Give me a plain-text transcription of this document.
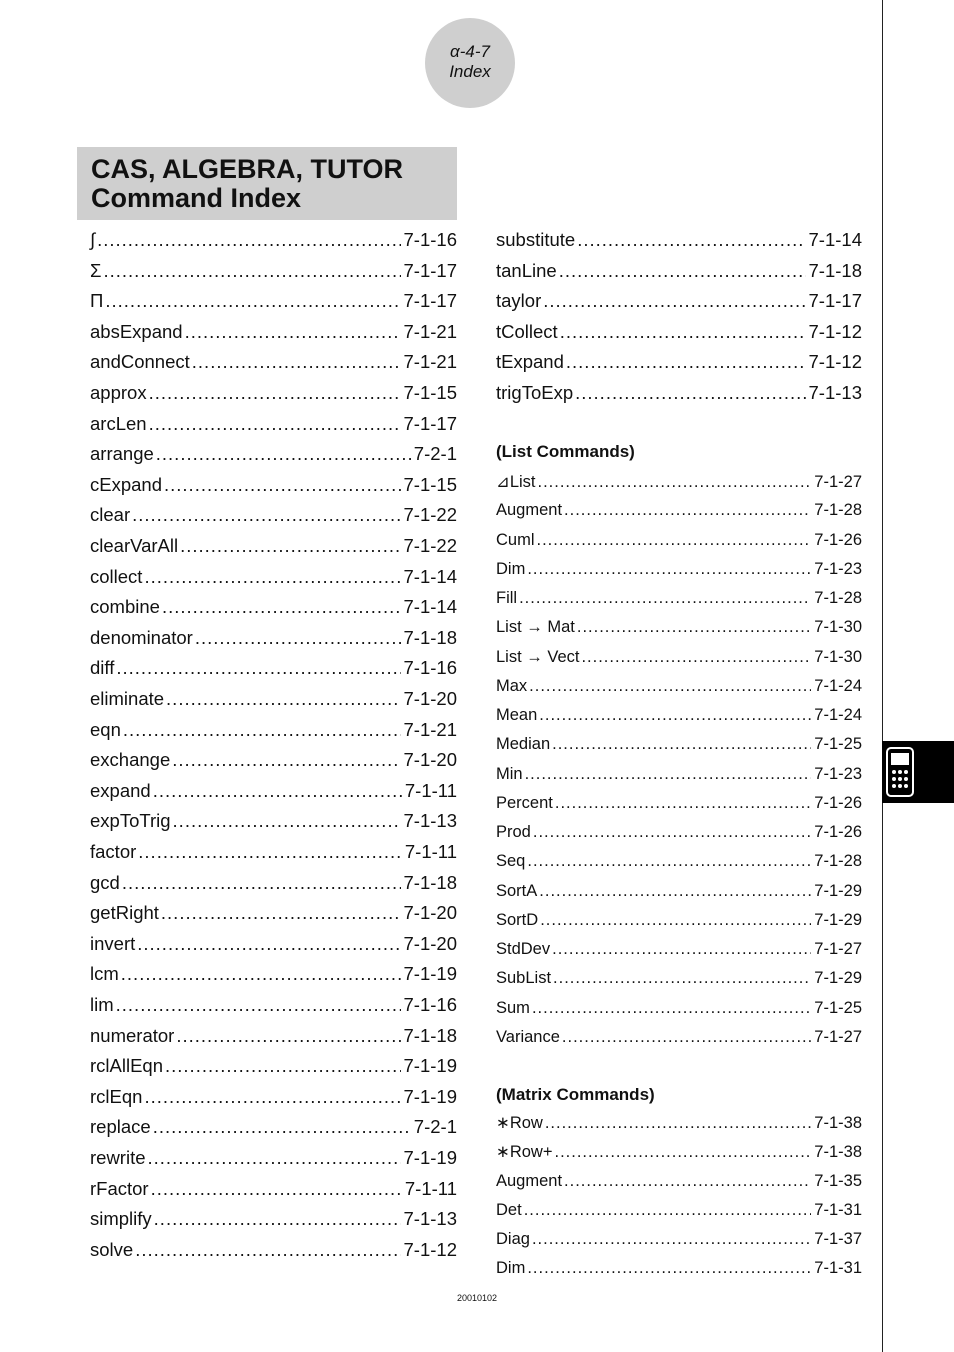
α-4-7
Index
CAS, ALGEBRA, TUTOR
Command Index
∫ .....	7-1-16
Σ .....	7-1-17
Π .....	7-1-17
absExpand .....	7-1-21
andConnect .....	7-1-21
approx .....	7-1-15
arcLen .....	7-1-17
arrange .....	7-2-1
cExpand .....	7-1-15
clear .....	7-1-22
clearVarAll .....	7-1-22
collect .....	7-1-14
combine .....	7-1-14
denominator .....	7-1-18
diff .....	7-1-16
eliminate .....	7-1-20
eqn .....	7-1-21
exchange .....	7-1-20
expand .....	7-1-11
expToTrig .....	7-1-13
factor .....	7-1-11
gcd .....	7-1-18
getRight .....	7-1-20
invert .....	7-1-20
lcm .....	7-1-19
lim .....	7-1-16
numerator .....	7-1-18
rclAllEqn .....	7-1-19
rclEqn .....	7-1-19
replace .....	7-2-1
rewrite .....	7-1-19
rFactor .....	7-1-11
simplify .....	7-1-13
solve .....	7-1-12
substitute .....	7-1-14
tanLine .....	7-1-18
taylor .....	7-1-17
tCollect .....	7-1-12
tExpand .....	7-1-12
trigToExp .....	7-1-13
(List Commands)
⊿List .....	7-1-27
Augment .....	7-1-28
Cuml .....	7-1-26
Dim .....	7-1-23
Fill .....	7-1-28
List → Mat .....	7-1-30
List → Vect .....	7-1-30
Max .....	7-1-24
Mean .....	7-1-24
Median .....	7-1-25
Min .....	7-1-23
Percent .....	7-1-26
Prod .....	7-1-26
Seq .....	7-1-28
SortA .....	7-1-29
SortD .....	7-1-29
StdDev .....	7-1-27
SubList .....	7-1-29
Sum .....	7-1-25
Variance .....	7-1-27
(Matrix Commands)
∗Row .....	7-1-38
∗Row+ .....	7-1-38
Augment .....	7-1-35
Det .....	7-1-31
Diag .....	7-1-37
Dim .....	7-1-31
20010102
